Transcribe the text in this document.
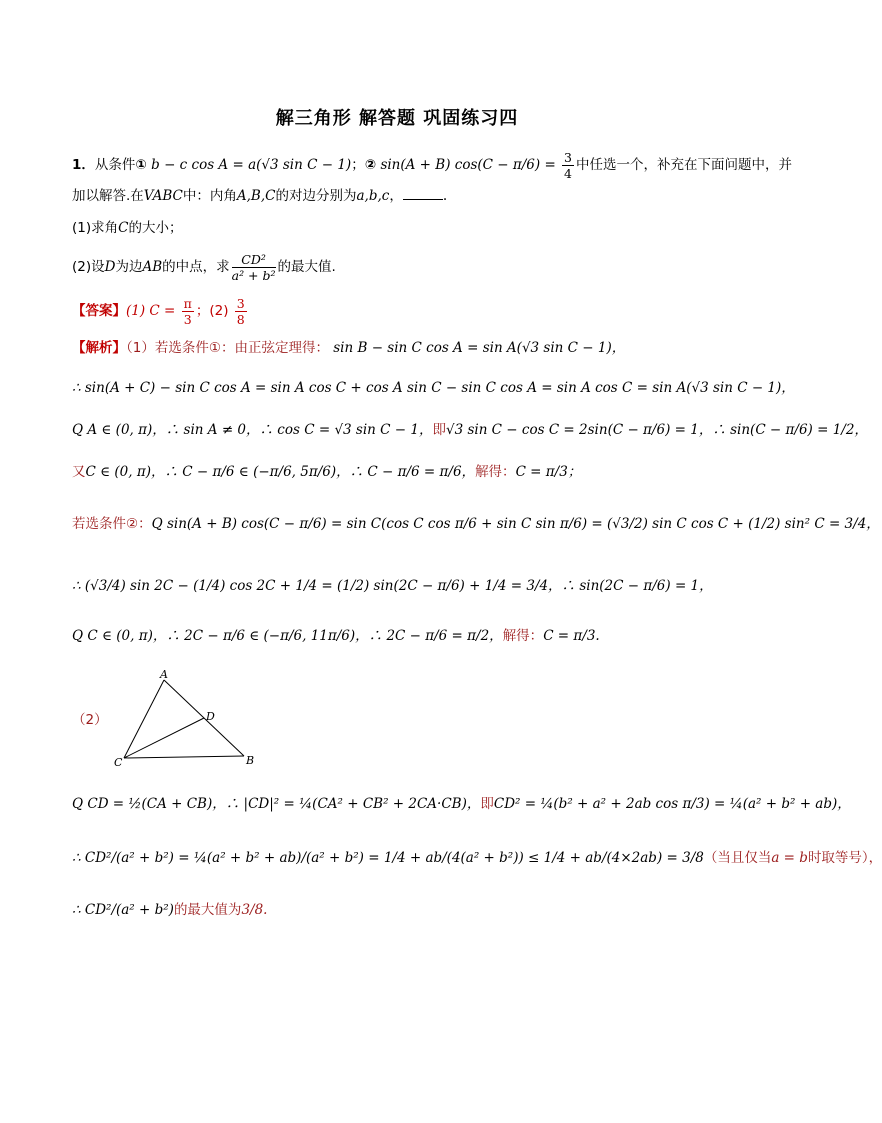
解三角形 解答题 巩固练习四
1．从条件① b − c cos A = a(√3 sin C − 1)；② sin(A + B) $\cos(C - \pi/6) = \frac{3}{4}$ 中任选一个，补充在下面问题中，并
加以解答.在VABC中：内角A,B,C的对边分别为a,b,c，	.
(1)求角C的大小；
(2)设D为边AB的中点，求 $\frac{\text{CD²}}{\text{a² + b²}}$ 的最大值.
【答案】(1) $C = \frac{\pi}{3}$ ；$(2) \frac{3}{8}$
【解析】（1）若选条件①：由正弦定理得： sin B − sin C cos A = sin A(√3 sin C − 1)，
∴ sin(A + C) − sin C cos A = sin A cos C + cos A sin C − sin C cos A = sin A cos C = sin A(√3 sin C − 1)，
Q A ∈ (0, π)，∴ sin A ≠ 0，∴ cos C = √3 sin C − 1，即√3 sin C − cos C = 2sin(C − π/6) = 1，∴ sin(C − π/6) = 1/2，
又C ∈ (0, π)，∴ C − π/6 ∈ (−π/6, 5π/6)，∴ C − π/6 = π/6，解得：C = π/3；
若选条件②：Q sin(A + B) cos(C − π/6) = sin C(cos C cos π/6 + sin C sin π/6) = (√3/2) sin C cos C + (1/2) sin² C = 3/4，
∴ (√3/4) sin 2C − (1/4) cos 2C + 1/4 = (1/2) sin(2C − π/6) + 1/4 = 3/4，∴ sin(2C − π/6) = 1，
Q C ∈ (0, π)，∴ 2C − π/6 ∈ (−π/6, 11π/6)，∴ 2C − π/6 = π/2，解得：C = π/3.
（2）
A
B
C
D
Q CD = ½(CA + CB)，∴ |CD|² = ¼(CA² + CB² + 2CA·CB)，即CD² = ¼(b² + a² + 2ab cos π/3) = ¼(a² + b² + ab)，
∴ CD²/(a² + b²) = ¼(a² + b² + ab)/(a² + b²) = 1/4 + ab/(4(a² + b²)) ≤ 1/4 + ab/(4×2ab) = 3/8（当且仅当a = b时取等号），
∴ CD²/(a² + b²)的最大值为3/8.
